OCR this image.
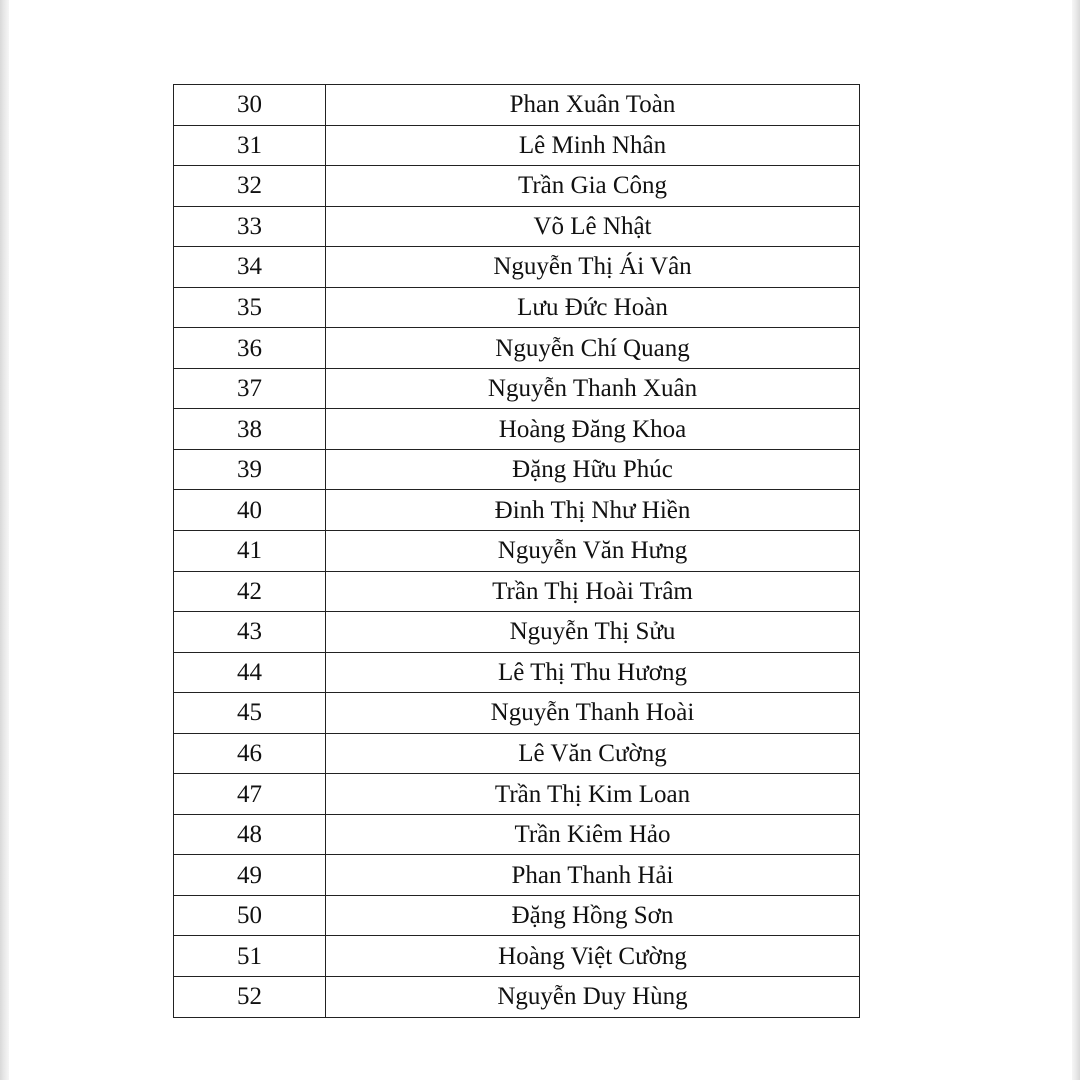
30	Phan Xuân Toàn
31	Lê Minh Nhân
32	Trần Gia Công
33	Võ Lê Nhật
34	Nguyễn Thị Ái Vân
35	Lưu Đức Hoàn
36	Nguyễn Chí Quang
37	Nguyễn Thanh Xuân
38	Hoàng Đăng Khoa
39	Đặng Hữu Phúc
40	Đinh Thị Như Hiền
41	Nguyễn Văn Hưng
42	Trần Thị Hoài Trâm
43	Nguyễn Thị Sửu
44	Lê Thị Thu Hương
45	Nguyễn Thanh Hoài
46	Lê Văn Cường
47	Trần Thị Kim Loan
48	Trần Kiêm Hảo
49	Phan Thanh Hải
50	Đặng Hồng Sơn
51	Hoàng Việt Cường
52	Nguyễn Duy Hùng
